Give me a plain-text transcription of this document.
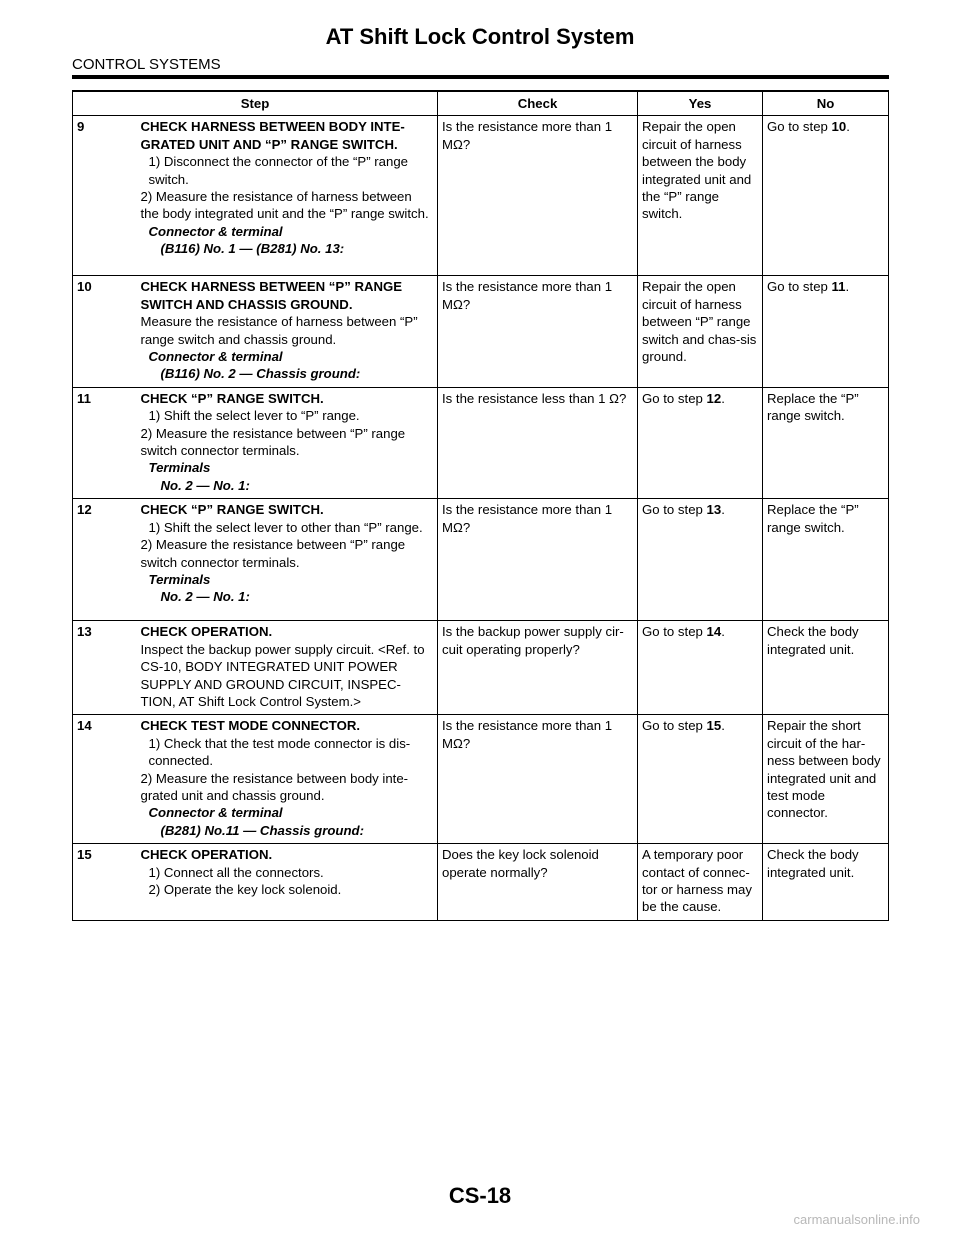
AT Shift Lock Control System
CONTROL SYSTEMS
Step		Check	Yes	No
9	CHECK HARNESS BETWEEN BODY INTE-GRATED UNIT AND “P” RANGE SWITCH.
1) Disconnect the connector of the “P” range switch.
2) Measure the resistance of harness between the body integrated unit and the “P” range switch.
Connector & terminal
(B116) No. 1 — (B281) No. 13:	Is the resistance more than 1 MΩ?	Repair the open circuit of harness between the body integrated unit and the “P” range switch.	Go to step 10.
10	CHECK HARNESS BETWEEN “P” RANGE SWITCH AND CHASSIS GROUND.
Measure the resistance of harness between “P” range switch and chassis ground.
Connector & terminal
(B116) No. 2 — Chassis ground:	Is the resistance more than 1 MΩ?	Repair the open circuit of harness between “P” range switch and chas-sis ground.	Go to step 11.
11	CHECK “P” RANGE SWITCH.
1) Shift the select lever to “P” range.
2) Measure the resistance between “P” range switch connector terminals.
Terminals
No. 2 — No. 1:	Is the resistance less than 1 Ω?	Go to step 12.	Replace the “P” range switch.
12	CHECK “P” RANGE SWITCH.
1) Shift the select lever to other than “P” range.
2) Measure the resistance between “P” range switch connector terminals.
Terminals
No. 2 — No. 1:	Is the resistance more than 1 MΩ?	Go to step 13.	Replace the “P” range switch.
13	CHECK OPERATION.
Inspect the backup power supply circuit. <Ref. to CS-10, BODY INTEGRATED UNIT POWER SUPPLY AND GROUND CIRCUIT, INSPEC-TION, AT Shift Lock Control System.>	Is the backup power supply cir-cuit operating properly?	Go to step 14.	Check the body integrated unit.
14	CHECK TEST MODE CONNECTOR.
1) Check that the test mode connector is dis-connected.
2) Measure the resistance between body inte-grated unit and chassis ground.
Connector & terminal
(B281) No.11 — Chassis ground:	Is the resistance more than 1 MΩ?	Go to step 15.	Repair the short circuit of the har-ness between body integrated unit and test mode connector.
15	CHECK OPERATION.
1) Connect all the connectors.
2) Operate the key lock solenoid.	Does the key lock solenoid operate normally?	A temporary poor contact of connec-tor or harness may be the cause.	Check the body integrated unit.
CS-18
carmanualsonline.info
